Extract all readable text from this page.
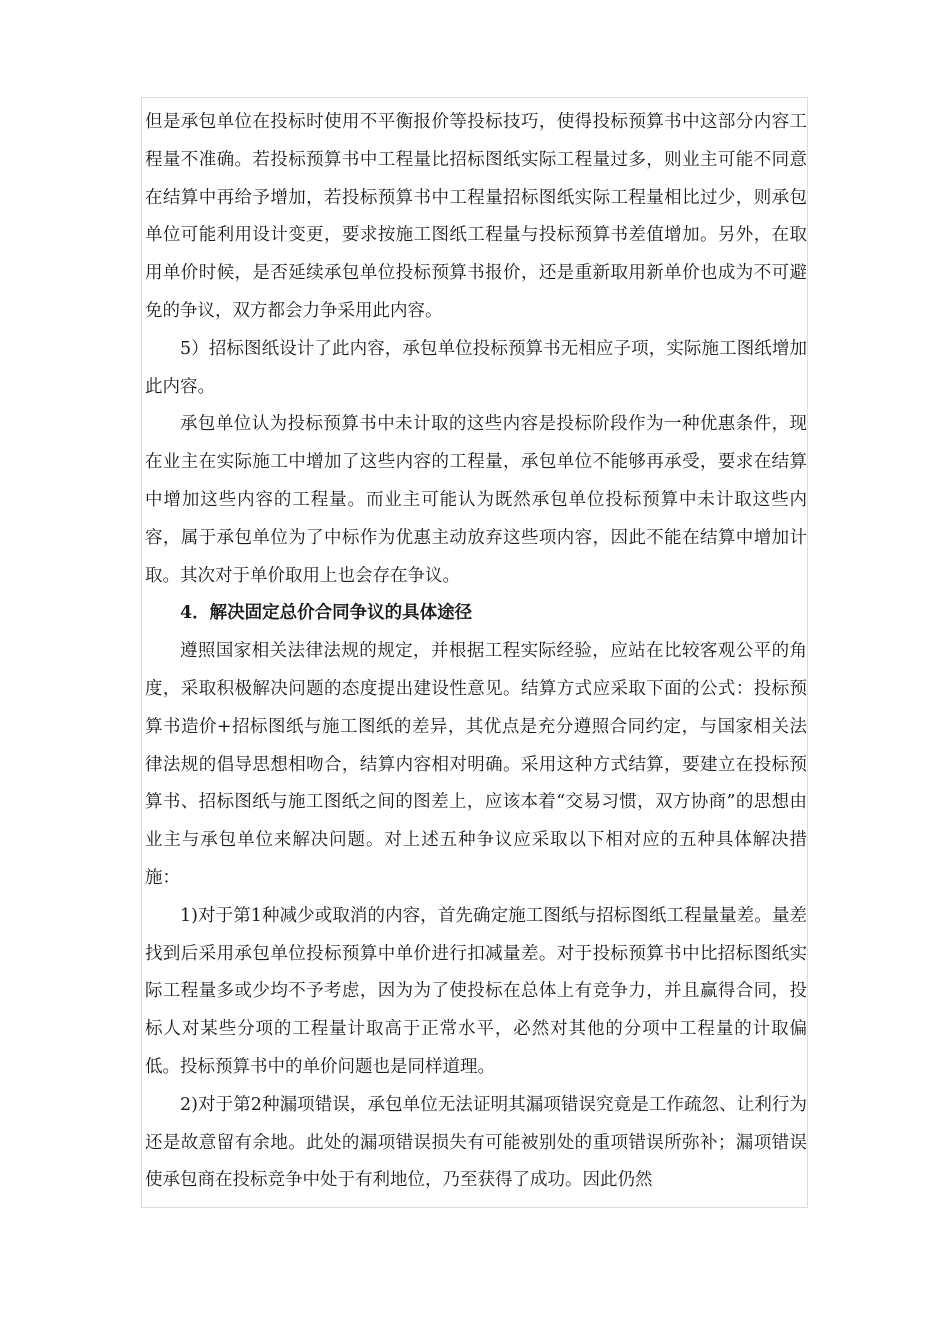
但是承包单位在投标时使用不平衡报价等投标技巧，使得投标预算书中这部分内容工程量不准确。若投标预算书中工程量比招标图纸实际工程量过多，则业主可能不同意在结算中再给予增加，若投标预算书中工程量招标图纸实际工程量相比过少，则承包单位可能利用设计变更，要求按施工图纸工程量与投标预算书差值增加。另外，在取用单价时候，是否延续承包单位投标预算书报价，还是重新取用新单价也成为不可避免的争议，双方都会力争采用此内容。

5）招标图纸设计了此内容，承包单位投标预算书无相应子项，实际施工图纸增加此内容。

承包单位认为投标预算书中未计取的这些内容是投标阶段作为一种优惠条件，现在业主在实际施工中增加了这些内容的工程量，承包单位不能够再承受，要求在结算中增加这些内容的工程量。而业主可能认为既然承包单位投标预算中未计取这些内容，属于承包单位为了中标作为优惠主动放弃这些项内容，因此不能在结算中增加计取。其次对于单价取用上也会存在争议。

4．解决固定总价合同争议的具体途径

遵照国家相关法律法规的规定，并根据工程实际经验，应站在比较客观公平的角度，采取积极解决问题的态度提出建设性意见。结算方式应采取下面的公式：投标预算书造价+招标图纸与施工图纸的差异，其优点是充分遵照合同约定，与国家相关法律法规的倡导思想相吻合，结算内容相对明确。采用这种方式结算，要建立在投标预算书、招标图纸与施工图纸之间的图差上，应该本着“交易习惯，双方协商”的思想由业主与承包单位来解决问题。对上述五种争议应采取以下相对应的五种具体解决措施：

1)对于第1种减少或取消的内容，首先确定施工图纸与招标图纸工程量量差。量差找到后采用承包单位投标预算中单价进行扣减量差。对于投标预算书中比招标图纸实际工程量多或少均不予考虑，因为为了使投标在总体上有竞争力，并且赢得合同，投标人对某些分项的工程量计取高于正常水平，必然对其他的分项中工程量的计取偏低。投标预算书中的单价问题也是同样道理。

2)对于第2种漏项错误，承包单位无法证明其漏项错误究竟是工作疏忽、让利行为还是故意留有余地。此处的漏项错误损失有可能被别处的重项错误所弥补；漏项错误使承包商在投标竞争中处于有利地位，乃至获得了成功。因此仍然
